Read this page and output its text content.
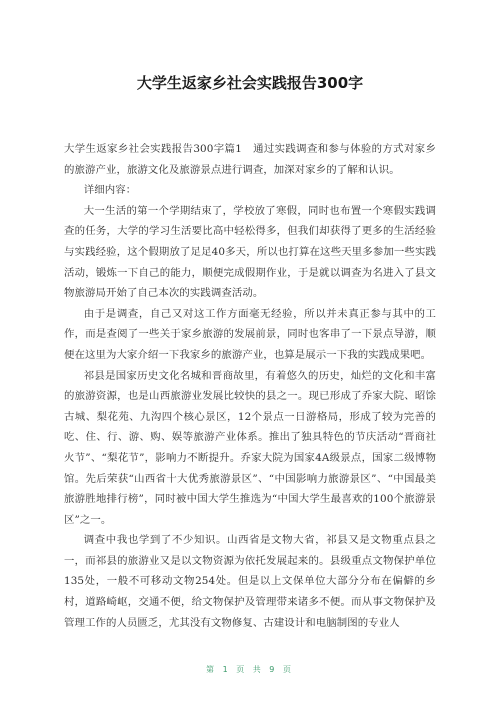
大学生返家乡社会实践报告300字

大学生返家乡社会实践报告300字篇1　通过实践调查和参与体验的方式对家乡的旅游产业，旅游文化及旅游景点进行调查，加深对家乡的了解和认识。

详细内容：

大一生活的第一个学期结束了，学校放了寒假，同时也布置一个寒假实践调查的任务，大学的学习生活要比高中轻松得多，但我们却获得了更多的生活经验与实践经验，这个假期放了足足40多天，所以也打算在这些天里多参加一些实践活动，锻炼一下自己的能力，顺便完成假期作业，于是就以调查为名进入了县文物旅游局开始了自己本次的实践调查活动。

由于是调查，自己又对这工作方面毫无经验，所以并未真正参与其中的工作，而是查阅了一些关于家乡旅游的发展前景，同时也客串了一下景点导游，顺便在这里为大家介绍一下我家乡的旅游产业，也算是展示一下我的实践成果吧。

祁县是国家历史文化名城和晋商故里，有着悠久的历史，灿烂的文化和丰富的旅游资源，也是山西旅游业发展比较快的县之一。现已形成了乔家大院、昭馀古城、梨花苑、九沟四个核心景区，12个景点一日游格局，形成了较为完善的吃、住、行、游、购、娱等旅游产业体系。推出了独具特色的节庆活动“晋商社火节”、“梨花节”，影响力不断提升。乔家大院为国家4A级景点，国家二级博物馆。先后荣获“山西省十大优秀旅游景区”、“中国影响力旅游景区”、“中国最美旅游胜地排行榜”，同时被中国大学生推选为“中国大学生最喜欢的100个旅游景区”之一。

调查中我也学到了不少知识。山西省是文物大省，祁县又是文物重点县之一，而祁县的旅游业又是以文物资源为依托发展起来的。县级重点文物保护单位135处，一般不可移动文物254处。但是以上文保单位大部分分布在偏僻的乡村，道路崎岖，交通不便，给文物保护及管理带来诸多不便。而从事文物保护及管理工作的人员匮乏，尤其没有文物修复、古建设计和电脑制图的专业人

第 1 页 共 9 页
